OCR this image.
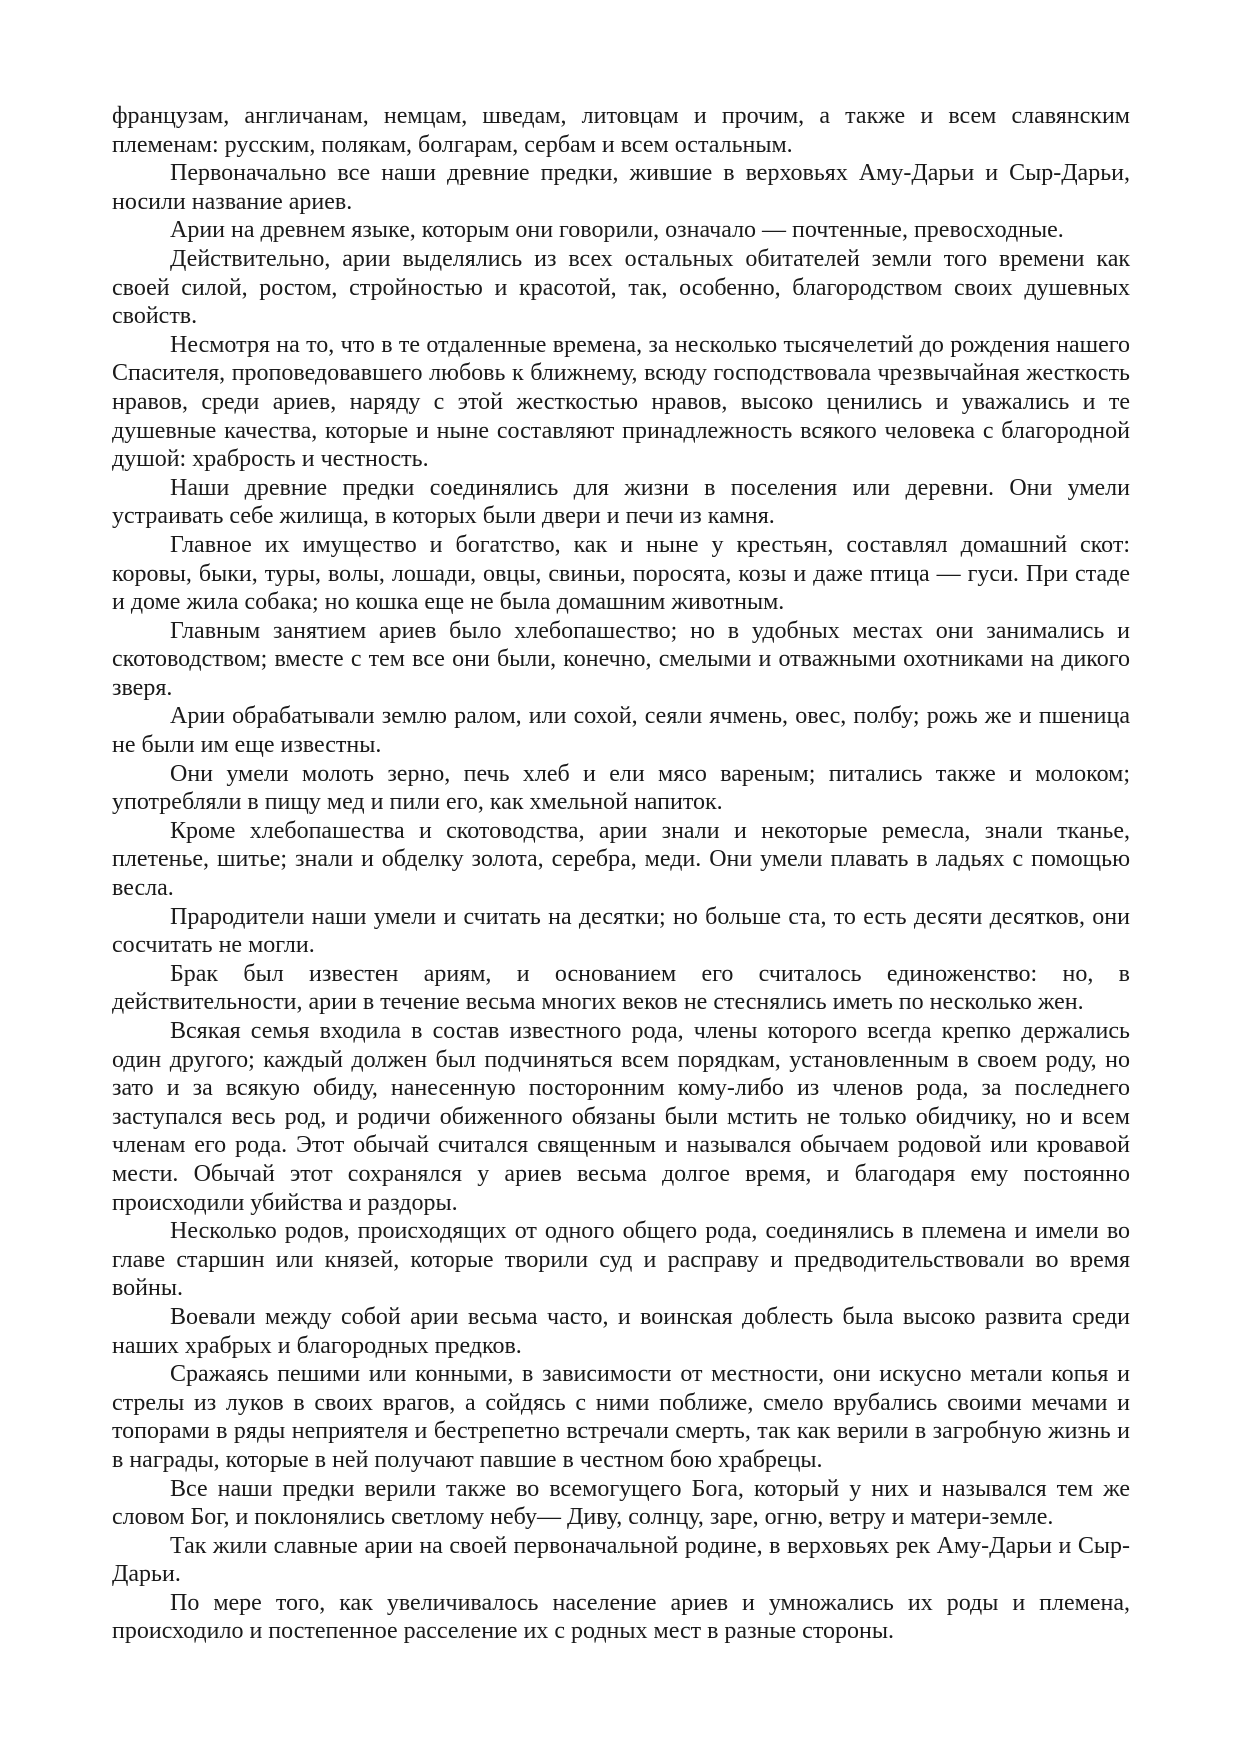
французам, англичанам, немцам, шведам, литовцам и прочим, а также и всем славянским племенам: русским, полякам, болгарам, сербам и всем остальным.

Первоначально все наши древние предки, жившие в верховьях Аму-Дарьи и Сыр-Дарьи, носили название ариев.

Арии на древнем языке, которым они говорили, означало — почтенные, превосходные.

Действительно, арии выделялись из всех остальных обитателей земли того времени как своей силой, ростом, стройностью и красотой, так, особенно, благородством своих душевных свойств.

Несмотря на то, что в те отдаленные времена, за несколько тысячелетий до рождения нашего Спасителя, проповедовавшего любовь к ближнему, всюду господствовала чрезвычайная жесткость нравов, среди ариев, наряду с этой жесткостью нравов, высоко ценились и уважались и те душевные качества, которые и ныне составляют принадлежность всякого человека с благородной душой: храбрость и честность.

Наши древние предки соединялись для жизни в поселения или деревни. Они умели устраивать себе жилища, в которых были двери и печи из камня.

Главное их имущество и богатство, как и ныне у крестьян, составлял домашний скот: коровы, быки, туры, волы, лошади, овцы, свиньи, поросята, козы и даже птица — гуси. При стаде и доме жила собака; но кошка еще не была домашним животным.

Главным занятием ариев было хлебопашество; но в удобных местах они занимались и скотоводством; вместе с тем все они были, конечно, смелыми и отважными охотниками на дикого зверя.

Арии обрабатывали землю ралом, или сохой, сеяли ячмень, овес, полбу; рожь же и пшеница не были им еще известны.

Они умели молоть зерно, печь хлеб и ели мясо вареным; питались также и молоком; употребляли в пищу мед и пили его, как хмельной напиток.

Кроме хлебопашества и скотоводства, арии знали и некоторые ремесла, знали тканье, плетенье, шитье; знали и обделку золота, серебра, меди. Они умели плавать в ладьях с помощью весла.

Прародители наши умели и считать на десятки; но больше ста, то есть десяти десятков, они сосчитать не могли.

Брак был известен ариям, и основанием его считалось единоженство: но, в действительности, арии в течение весьма многих веков не стеснялись иметь по несколько жен.

Всякая семья входила в состав известного рода, члены которого всегда крепко держались один другого; каждый должен был подчиняться всем порядкам, установленным в своем роду, но зато и за всякую обиду, нанесенную посторонним кому-либо из членов рода, за последнего заступался весь род, и родичи обиженного обязаны были мстить не только обидчику, но и всем членам его рода. Этот обычай считался священным и назывался обычаем родовой или кровавой мести. Обычай этот сохранялся у ариев весьма долгое время, и благодаря ему постоянно происходили убийства и раздоры.

Несколько родов, происходящих от одного общего рода, соединялись в племена и имели во главе старшин или князей, которые творили суд и расправу и предводительствовали во время войны.

Воевали между собой арии весьма часто, и воинская доблесть была высоко развита среди наших храбрых и благородных предков.

Сражаясь пешими или конными, в зависимости от местности, они искусно метали копья и стрелы из луков в своих врагов, а сойдясь с ними поближе, смело врубались своими мечами и топорами в ряды неприятеля и бестрепетно встречали смерть, так как верили в загробную жизнь и в награды, которые в ней получают павшие в честном бою храбрецы.

Все наши предки верили также во всемогущего Бога, который у них и назывался тем же словом Бог, и поклонялись светлому небу— Диву, солнцу, заре, огню, ветру и матери-земле.

Так жили славные арии на своей первоначальной родине, в верховьях рек Аму-Дарьи и Сыр-Дарьи.

По мере того, как увеличивалось население ариев и умножались их роды и племена, происходило и постепенное расселение их с родных мест в разные стороны.
